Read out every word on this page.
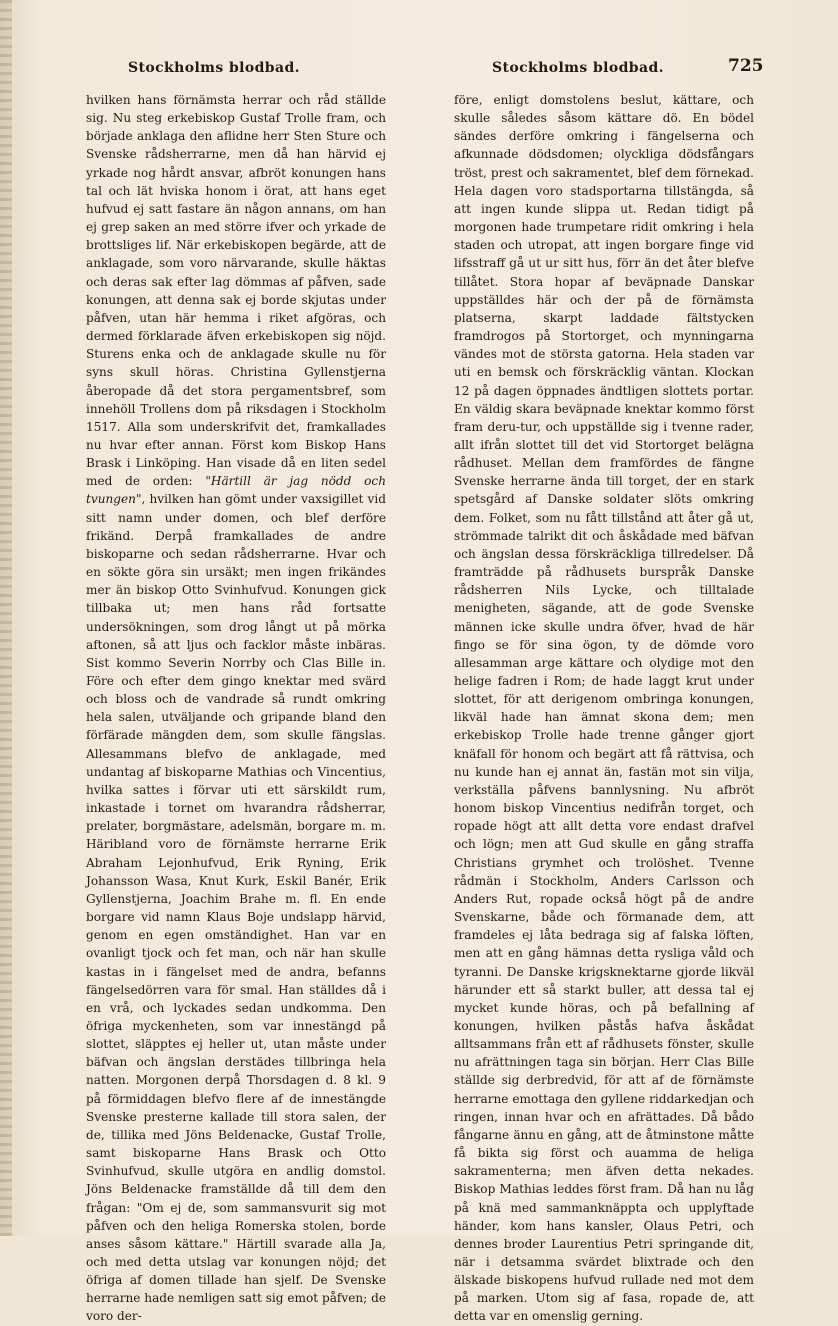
Stockholms blodbad.	Stockholms blodbad.	725

hvilken hans förnämsta herrar och råd ställde sig. Nu steg erkebiskop Gustaf Trolle fram, och började anklaga den aflidne herr Sten Sture och Svenske rådsherrarne, men då han härvid ej yrkade nog hårdt ansvar, afbröt konungen hans tal och lät hviska honom i örat, att hans eget hufvud ej satt fastare än någon annans, om han ej grep saken an med större ifver och yrkade de brottsliges lif. När erkebiskopen begärde, att de anklagade, som voro närvarande, skulle häktas och deras sak efter lag dömmas af påfven, sade konungen, att denna sak ej borde skjutas under påfven, utan här hemma i riket afgöras, och dermed förklarade äfven erkebiskopen sig nöjd. Sturens enka och de anklagade skulle nu för syns skull höras. Christina Gyllenstjerna åberopade då det stora pergamentsbref, som innehöll Trollens dom på riksdagen i Stockholm 1517. Alla som underskrifvit det, framkallades nu hvar efter annan. Först kom Biskop Hans Brask i Linköping. Han visade då en liten sedel med de orden: "Härtill är jag nödd och tvungen", hvilken han gömt under vaxsigillet vid sitt namn under domen, och blef derföre frikänd. Derpå framkallades de andre biskoparne och sedan rådsherrarne. Hvar och en sökte göra sin ursäkt; men ingen frikändes mer än biskop Otto Svinhufvud. Konungen gick tillbaka ut; men hans råd fortsatte undersökningen, som drog långt ut på mörka aftonen, så att ljus och facklor måste inbäras. Sist kommo Severin Norrby och Clas Bille in. Före och efter dem gingo knektar med svärd och bloss och de vandrade så rundt omkring hela salen, utväljande och gripande bland den förfärade mängden dem, som skulle fängslas. Allesammans blefvo de anklagade, med undantag af biskoparne Mathias och Vincentius, hvilka sattes i förvar uti ett särskildt rum, inkastade i tornet om hvarandra rådsherrar, prelater, borgmästare, adelsmän, borgare m. m. Häribland voro de förnämste herrarne Erik Abraham Lejonhufvud, Erik Ryning, Erik Johansson Wasa, Knut Kurk, Eskil Banér, Erik Gyllenstjerna, Joachim Brahe m. fl. En ende borgare vid namn Klaus Boje undslapp härvid, genom en egen omständighet. Han var en ovanligt tjock och fet man, och när han skulle kastas in i fängelset med de andra, befanns fängelsedörren vara för smal. Han ställdes då i en vrå, och lyckades sedan undkomma. Den öfriga myckenheten, som var innestängd på slottet, släpptes ej heller ut, utan måste under bäfvan och ängslan derstädes tillbringa hela natten. Morgonen derpå Thorsdagen d. 8 kl. 9 på förmiddagen blefvo flere af de innestängde Svenske presterne kallade till stora salen, der de, tillika med Jöns Beldenacke, Gustaf Trolle, samt biskoparne Hans Brask och Otto Svinhufvud, skulle utgöra en andlig domstol. Jöns Beldenacke framställde då till dem den frågan: "Om ej de, som sammansvurit sig mot påfven och den heliga Romerska stolen, borde anses såsom kättare." Härtill svarade alla Ja, och med detta utslag var konungen nöjd; det öfriga af domen tillade han sjelf. De Svenske herrarne hade nemligen satt sig emot påfven; de voro der-

före, enligt domstolens beslut, kättare, och skulle således såsom kättare dö. En bödel sändes derföre omkring i fängelserna och afkunnade dödsdomen; olyckliga dödsfångars tröst, prest och sakramentet, blef dem förnekad. Hela dagen voro stadsportarna tillstängda, så att ingen kunde slippa ut. Redan tidigt på morgonen hade trumpetare ridit omkring i hela staden och utropat, att ingen borgare finge vid lifsstraff gå ut ur sitt hus, förr än det åter blefve tillåtet. Stora hopar af beväpnade Danskar uppställdes här och der på de förnämsta platserna, skarpt laddade fältstycken framdrogos på Stortorget, och mynningarna vändes mot de största gatorna. Hela staden var uti en bemsk och förskräcklig väntan. Klockan 12 på dagen öppnades ändtligen slottets portar. En väldig skara beväpnade knektar kommo först fram deru-tur, och uppställde sig i tvenne rader, allt ifrån slottet till det vid Stortorget belägna rådhuset. Mellan dem framfördes de fängne Svenske herrarne ända till torget, der en stark spetsgård af Danske soldater slöts omkring dem. Folket, som nu fått tillstånd att åter gå ut, strömmade talrikt dit och åskådade med bäfvan och ängslan dessa förskräckliga tillredelser. Då framträdde på rådhusets burspråk Danske rådsherren Nils Lycke, och tilltalade menigheten, sägande, att de gode Svenske männen icke skulle undra öfver, hvad de här fingo se för sina ögon, ty de dömde voro allesamman arge kättare och olydige mot den helige fadren i Rom; de hade laggt krut under slottet, för att derigenom ombringa konungen, likväl hade han ämnat skona dem; men erkebiskop Trolle hade trenne gånger gjort knäfall för honom och begärt att få rättvisa, och nu kunde han ej annat än, fastän mot sin vilja, verkställa påfvens bannlysning. Nu afbröt honom biskop Vincentius nedifrån torget, och ropade högt att allt detta vore endast drafvel och lögn; men att Gud skulle en gång straffa Christians grymhet och trolöshet. Tvenne rådmän i Stockholm, Anders Carlsson och Anders Rut, ropade också högt på de andre Svenskarne, både och förmanade dem, att framdeles ej låta bedraga sig af falska löften, men att en gång hämnas detta rysliga våld och tyranni. De Danske krigsknektarne gjorde likväl härunder ett så starkt buller, att dessa tal ej mycket kunde höras, och på befallning af konungen, hvilken påstås hafva åskådat alltsammans från ett af rådhusets fönster, skulle nu afrättningen taga sin början. Herr Clas Bille ställde sig derbredvid, för att af de förnämste herrarne emottaga den gyllene riddarkedjan och ringen, innan hvar och en afrättades. Då bådo fångarne ännu en gång, att de åtminstone måtte få bikta sig först och auamma de heliga sakramenterna; men äfven detta nekades. Biskop Mathias leddes först fram. Då han nu låg på knä med sammanknäppta och upplyftade händer, kom hans kansler, Olaus Petri, och dennes broder Laurentius Petri springande dit, när i detsamma svärdet blixtrade och den älskade biskopens hufvud rullade ned mot dem på marken. Utom sig af fasa, ropade de, att detta var en omenslig gerning.
